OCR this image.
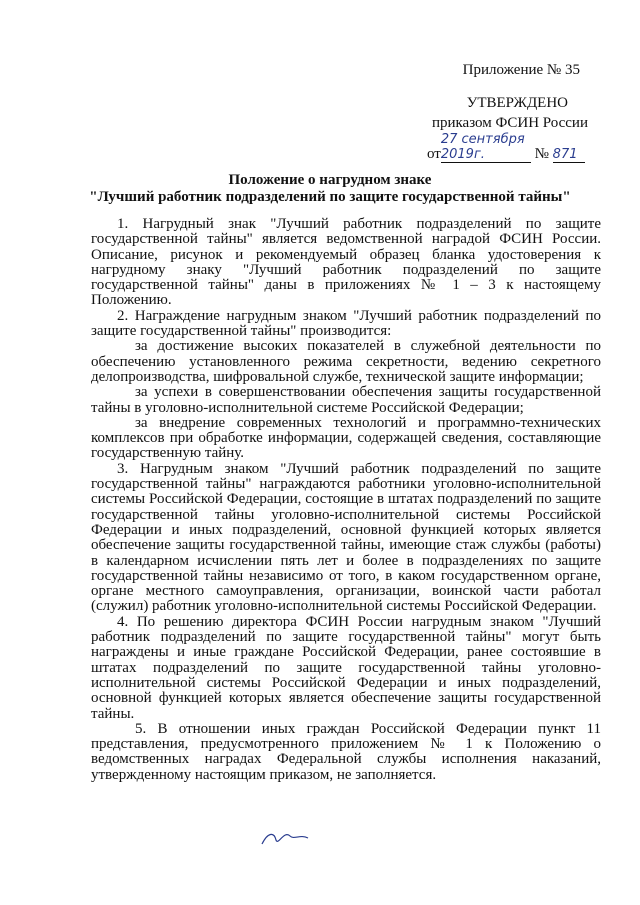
Приложение № 35
УТВЕРЖДЕНО
приказом ФСИН России
от27 сентября 2019г.	№ 871
Положение о нагрудном знаке
"Лучший работник подразделений по защите государственной тайны"

1. Нагрудный знак "Лучший работник подразделений по защите государственной тайны" является ведомственной наградой ФСИН России. Описание, рисунок и рекомендуемый образец бланка удостоверения к нагрудному знаку "Лучший работник подразделений по защите государственной тайны" даны в приложениях № 1 – 3 к настоящему Положению.

2. Награждение нагрудным знаком "Лучший работник подразделений по защите государственной тайны" производится:

за достижение высоких показателей в служебной деятельности по обеспечению установленного режима секретности, ведению секретного делопроизводства, шифровальной службе, технической защите информации;

за успехи в совершенствовании обеспечения защиты государственной тайны в уголовно-исполнительной системе Российской Федерации;

за внедрение современных технологий и программно-технических комплексов при обработке информации, содержащей сведения, составляющие государственную тайну.

3. Нагрудным знаком "Лучший работник подразделений по защите государственной тайны" награждаются работники уголовно-исполнительной системы Российской Федерации, состоящие в штатах подразделений по защите государственной тайны уголовно-исполнительной системы Российской Федерации и иных подразделений, основной функцией которых является обеспечение защиты государственной тайны, имеющие стаж службы (работы) в календарном исчислении пять лет и более в подразделениях по защите государственной тайны независимо от того, в каком государственном органе, органе местного самоуправления, организации, воинской части работал (служил) работник уголовно-исполнительной системы Российской Федерации.

4. По решению директора ФСИН России нагрудным знаком "Лучший работник подразделений по защите государственной тайны" могут быть награждены и иные граждане Российской Федерации, ранее состоявшие в штатах подразделений по защите государственной тайны уголовно-исполнительной системы Российской Федерации и иных подразделений, основной функцией которых является обеспечение защиты государственной тайны.

5. В отношении иных граждан Российской Федерации пункт 11 представления, предусмотренного приложением № 1 к Положению о ведомственных наградах Федеральной службы исполнения наказаний, утвержденному настоящим приказом, не заполняется.
